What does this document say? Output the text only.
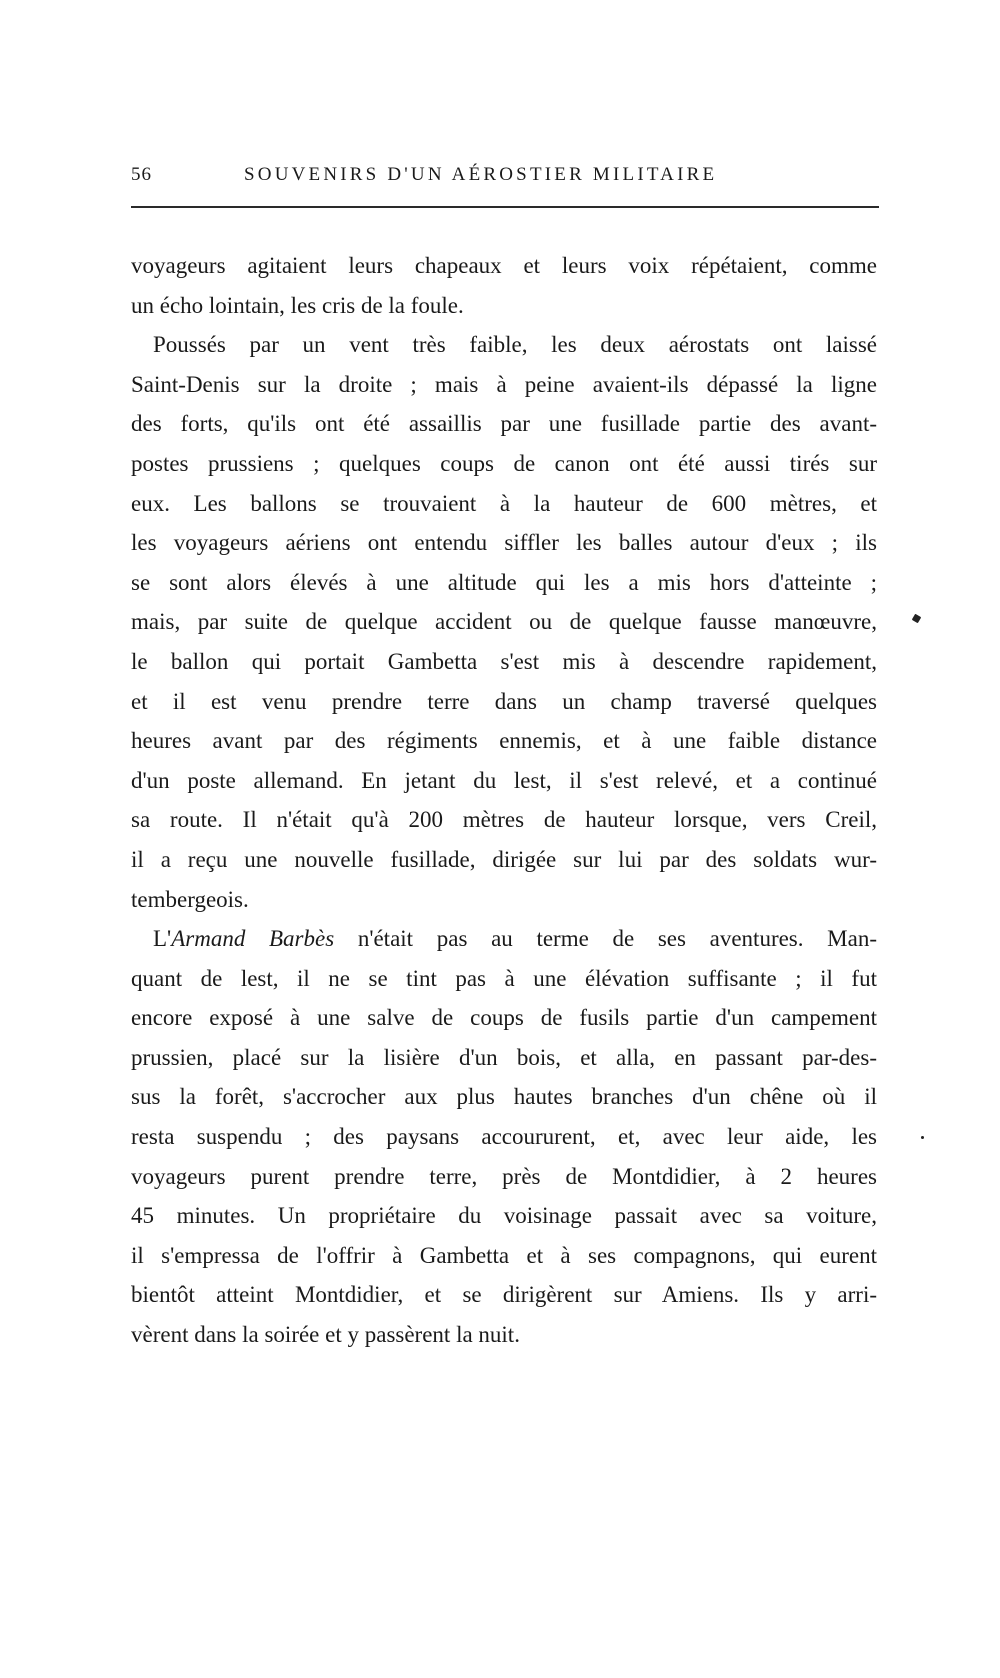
56	SOUVENIRS D'UN AÉROSTIER MILITAIRE
voyageurs agitaient leurs chapeaux et leurs voix répétaient, comme
un écho lointain, les cris de la foule.
Poussés par un vent très faible, les deux aérostats ont laissé
Saint-Denis sur la droite ; mais à peine avaient-ils dépassé la ligne
des forts, qu'ils ont été assaillis par une fusillade partie des avant-
postes prussiens ; quelques coups de canon ont été aussi tirés sur
eux. Les ballons se trouvaient à la hauteur de 600 mètres, et
les voyageurs aériens ont entendu siffler les balles autour d'eux ; ils
se sont alors élevés à une altitude qui les a mis hors d'atteinte ;
mais, par suite de quelque accident ou de quelque fausse manœuvre,
le ballon qui portait Gambetta s'est mis à descendre rapidement,
et il est venu prendre terre dans un champ traversé quelques
heures avant par des régiments ennemis, et à une faible distance
d'un poste allemand. En jetant du lest, il s'est relevé, et a continué
sa route. Il n'était qu'à 200 mètres de hauteur lorsque, vers Creil,
il a reçu une nouvelle fusillade, dirigée sur lui par des soldats wur-
tembergeois.
L'Armand Barbès n'était pas au terme de ses aventures. Man-
quant de lest, il ne se tint pas à une élévation suffisante ; il fut
encore exposé à une salve de coups de fusils partie d'un campement
prussien, placé sur la lisière d'un bois, et alla, en passant par-des-
sus la forêt, s'accrocher aux plus hautes branches d'un chêne où il
resta suspendu ; des paysans accoururent, et, avec leur aide, les
voyageurs purent prendre terre, près de Montdidier, à 2 heures
45 minutes. Un propriétaire du voisinage passait avec sa voiture,
il s'empressa de l'offrir à Gambetta et à ses compagnons, qui eurent
bientôt atteint Montdidier, et se dirigèrent sur Amiens. Ils y arri-
vèrent dans la soirée et y passèrent la nuit.
